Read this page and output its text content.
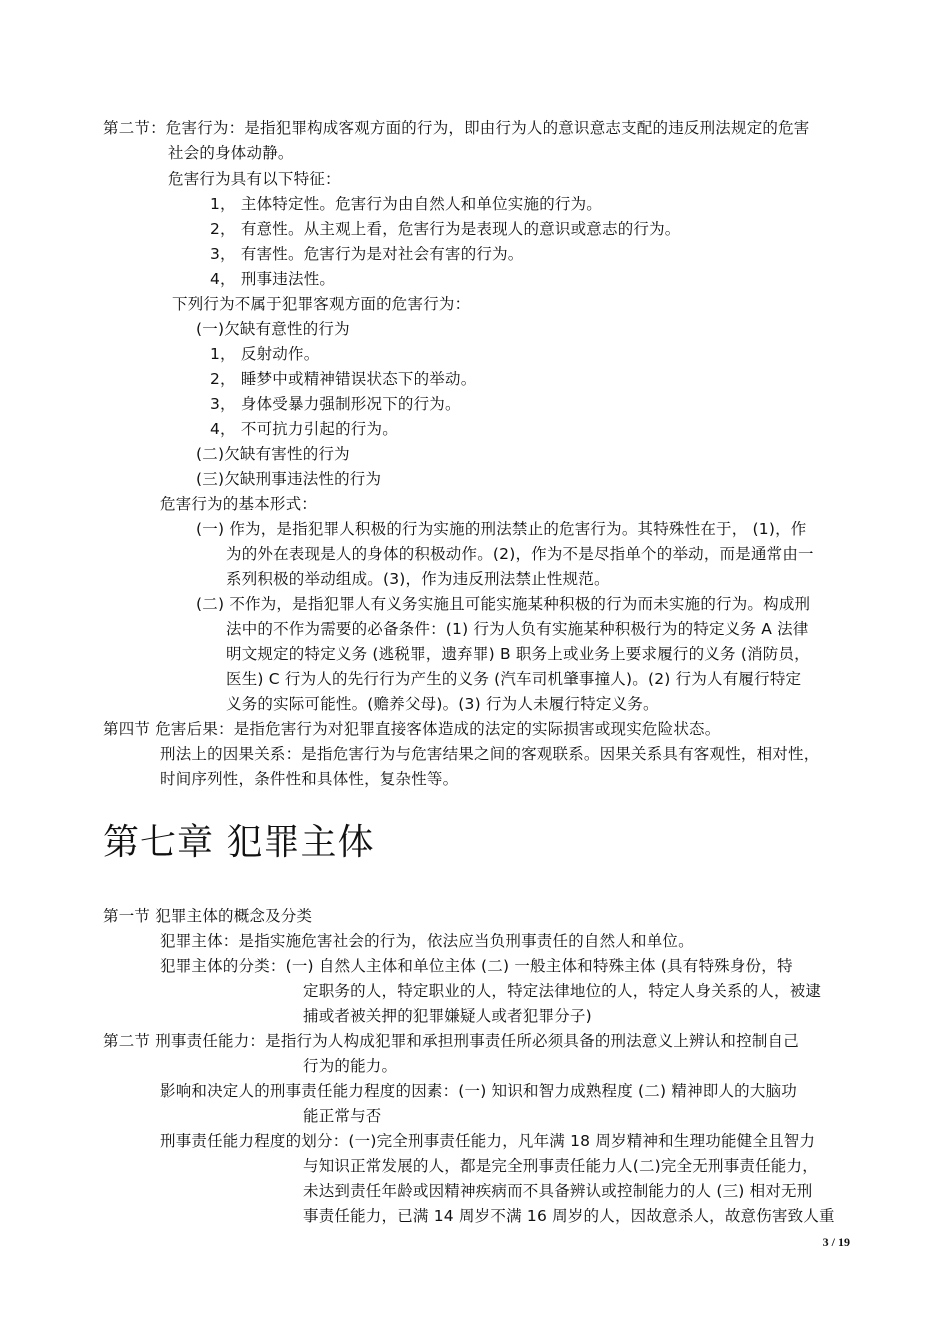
第二节：危害行为：是指犯罪构成客观方面的行为，即由行为人的意识意志支配的违反刑法规定的危害
社会的身体动静。
危害行为具有以下特征：
1， 主体特定性。危害行为由自然人和单位实施的行为。
2， 有意性。从主观上看，危害行为是表现人的意识或意志的行为。
3， 有害性。危害行为是对社会有害的行为。
4， 刑事违法性。
下列行为不属于犯罪客观方面的危害行为：
(一)欠缺有意性的行为
1， 反射动作。
2， 睡梦中或精神错误状态下的举动。
3， 身体受暴力强制形况下的行为。
4， 不可抗力引起的行为。
(二)欠缺有害性的行为
(三)欠缺刑事违法性的行为
危害行为的基本形式：
(一) 作为，是指犯罪人积极的行为实施的刑法禁止的危害行为。其特殊性在于， (1)，作
为的外在表现是人的身体的积极动作。(2)，作为不是尽指单个的举动，而是通常由一
系列积极的举动组成。(3)，作为违反刑法禁止性规范。
(二) 不作为，是指犯罪人有义务实施且可能实施某种积极的行为而未实施的行为。构成刑
法中的不作为需要的必备条件：(1) 行为人负有实施某种积极行为的特定义务 A 法律
明文规定的特定义务 (逃税罪，遗弃罪) B 职务上或业务上要求履行的义务 (消防员，
医生) C 行为人的先行行为产生的义务 (汽车司机肇事撞人)。(2) 行为人有履行特定
义务的实际可能性。(赡养父母)。(3) 行为人未履行特定义务。
第四节 危害后果：是指危害行为对犯罪直接客体造成的法定的实际损害或现实危险状态。
刑法上的因果关系：是指危害行为与危害结果之间的客观联系。因果关系具有客观性，相对性，
时间序列性，条件性和具体性，复杂性等。
第七章 犯罪主体
第一节 犯罪主体的概念及分类
犯罪主体：是指实施危害社会的行为，依法应当负刑事责任的自然人和单位。
犯罪主体的分类：(一) 自然人主体和单位主体 (二) 一般主体和特殊主体 (具有特殊身份，特
定职务的人，特定职业的人，特定法律地位的人，特定人身关系的人，被逮
捕或者被关押的犯罪嫌疑人或者犯罪分子)
第二节 刑事责任能力：是指行为人构成犯罪和承担刑事责任所必须具备的刑法意义上辨认和控制自己
行为的能力。
影响和决定人的刑事责任能力程度的因素：(一) 知识和智力成熟程度 (二) 精神即人的大脑功
能正常与否
刑事责任能力程度的划分：(一)完全刑事责任能力，凡年满 18 周岁精神和生理功能健全且智力
与知识正常发展的人，都是完全刑事责任能力人(二)完全无刑事责任能力，
未达到责任年龄或因精神疾病而不具备辨认或控制能力的人 (三) 相对无刑
事责任能力，已满 14 周岁不满 16 周岁的人，因故意杀人，故意伤害致人重
3 / 19
